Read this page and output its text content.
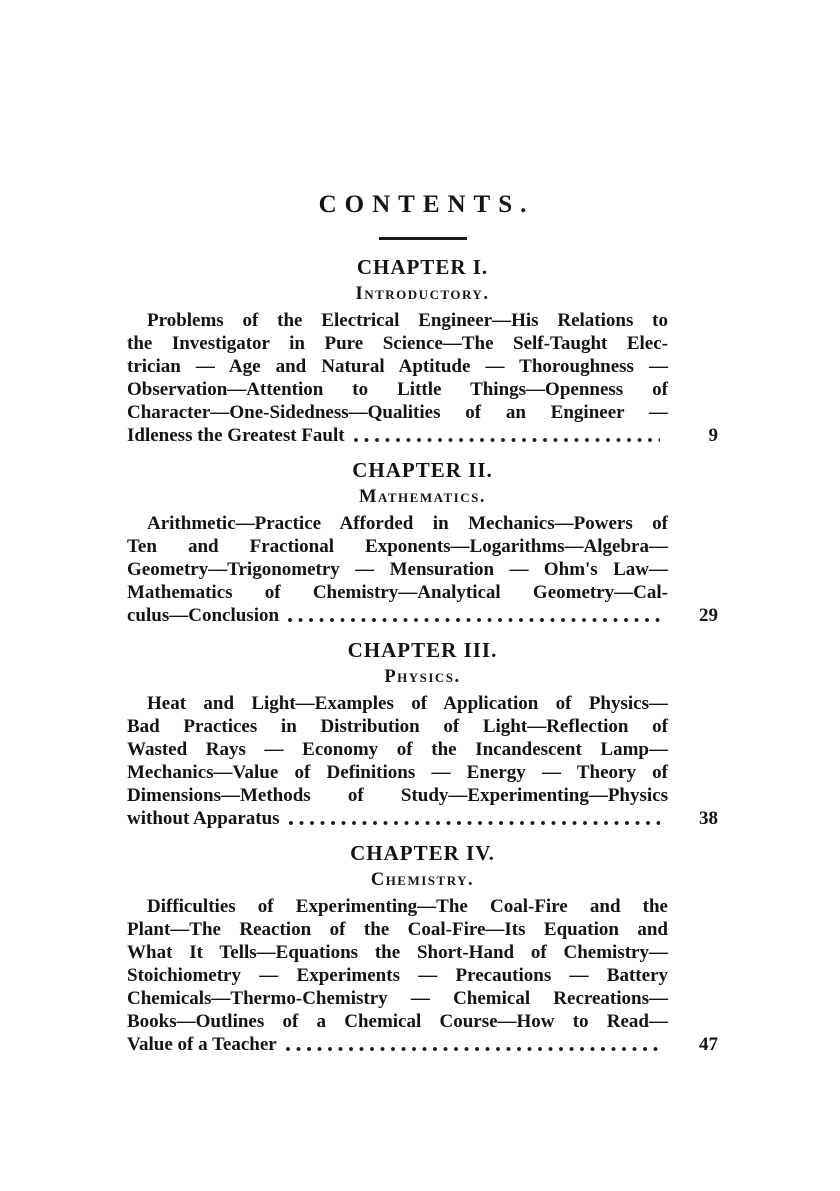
CONTENTS.
CHAPTER I.
Introductory.
Problems of the Electrical Engineer—His Relations to
the Investigator in Pure Science—The Self-Taught Elec-
trician — Age and Natural Aptitude — Thoroughness —
Observation—Attention to Little Things—Openness of
Character—One-Sidedness—Qualities of an Engineer —
Idleness the Greatest Fault	9
CHAPTER II.
Mathematics.
Arithmetic—Practice Afforded in Mechanics—Powers of
Ten and Fractional Exponents—Logarithms—Algebra—
Geometry—Trigonometry — Mensuration — Ohm's Law—
Mathematics of Chemistry—Analytical Geometry—Cal-
culus—Conclusion	29
CHAPTER III.
Physics.
Heat and Light—Examples of Application of Physics—
Bad Practices in Distribution of Light—Reflection of
Wasted Rays — Economy of the Incandescent Lamp—
Mechanics—Value of Definitions — Energy — Theory of
Dimensions—Methods of Study—Experimenting—Physics
without Apparatus	38
CHAPTER IV.
Chemistry.
Difficulties of Experimenting—The Coal-Fire and the
Plant—The Reaction of the Coal-Fire—Its Equation and
What It Tells—Equations the Short-Hand of Chemistry—
Stoichiometry — Experiments — Precautions — Battery
Chemicals—Thermo-Chemistry — Chemical Recreations—
Books—Outlines of a Chemical Course—How to Read—
Value of a Teacher	47
